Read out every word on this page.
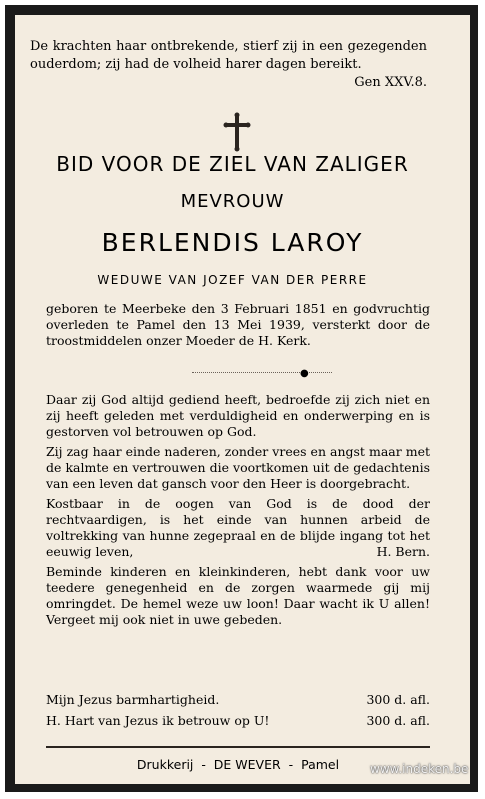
De krachten haar ontbrekende, stierf zij in een gezegenden ouderdom; zij had de volheid harer dagen bereikt.
Gen XXV.8.
BID VOOR DE ZIEL VAN ZALIGER
MEVROUW
BERLENDIS LAROY
WEDUWE VAN JOZEF VAN DER PERRE
geboren te Meerbeke den 3 Februari 1851 en godvruchtig overleden te Pamel den 13 Mei 1939, versterkt door de troostmiddelen onzer Moeder de H. Kerk.
●

Daar zij God altijd gediend heeft, bedroefde zij zich niet en zij heeft geleden met verduldigheid en onderwerping en is gestorven vol betrouwen op God.

Zij zag haar einde naderen, zonder vrees en angst maar met de kalmte en vertrouwen die voortkomen uit de gedachtenis van een leven dat gansch voor den Heer is doorgebracht.

Kostbaar in de oogen van God is de dood der rechtvaardigen, is het einde van hunnen arbeid de voltrekking van hunne zegepraal en de blijde ingang tot het eeuwig leven,	H. Bern.

Beminde kinderen en kleinkinderen, hebt dank voor uw teedere genegenheid en de zorgen waarmede gij mij omringdet. De hemel weze uw loon! Daar wacht ik U allen! Vergeet mij ook niet in uwe gebeden.

Mijn Jezus barmhartigheid.	300 d. afl.
H. Hart van Jezus ik betrouw op U!	300 d. afl.
Drukkerij  -  DE WEVER  -  Pamel	www.indeken.be
